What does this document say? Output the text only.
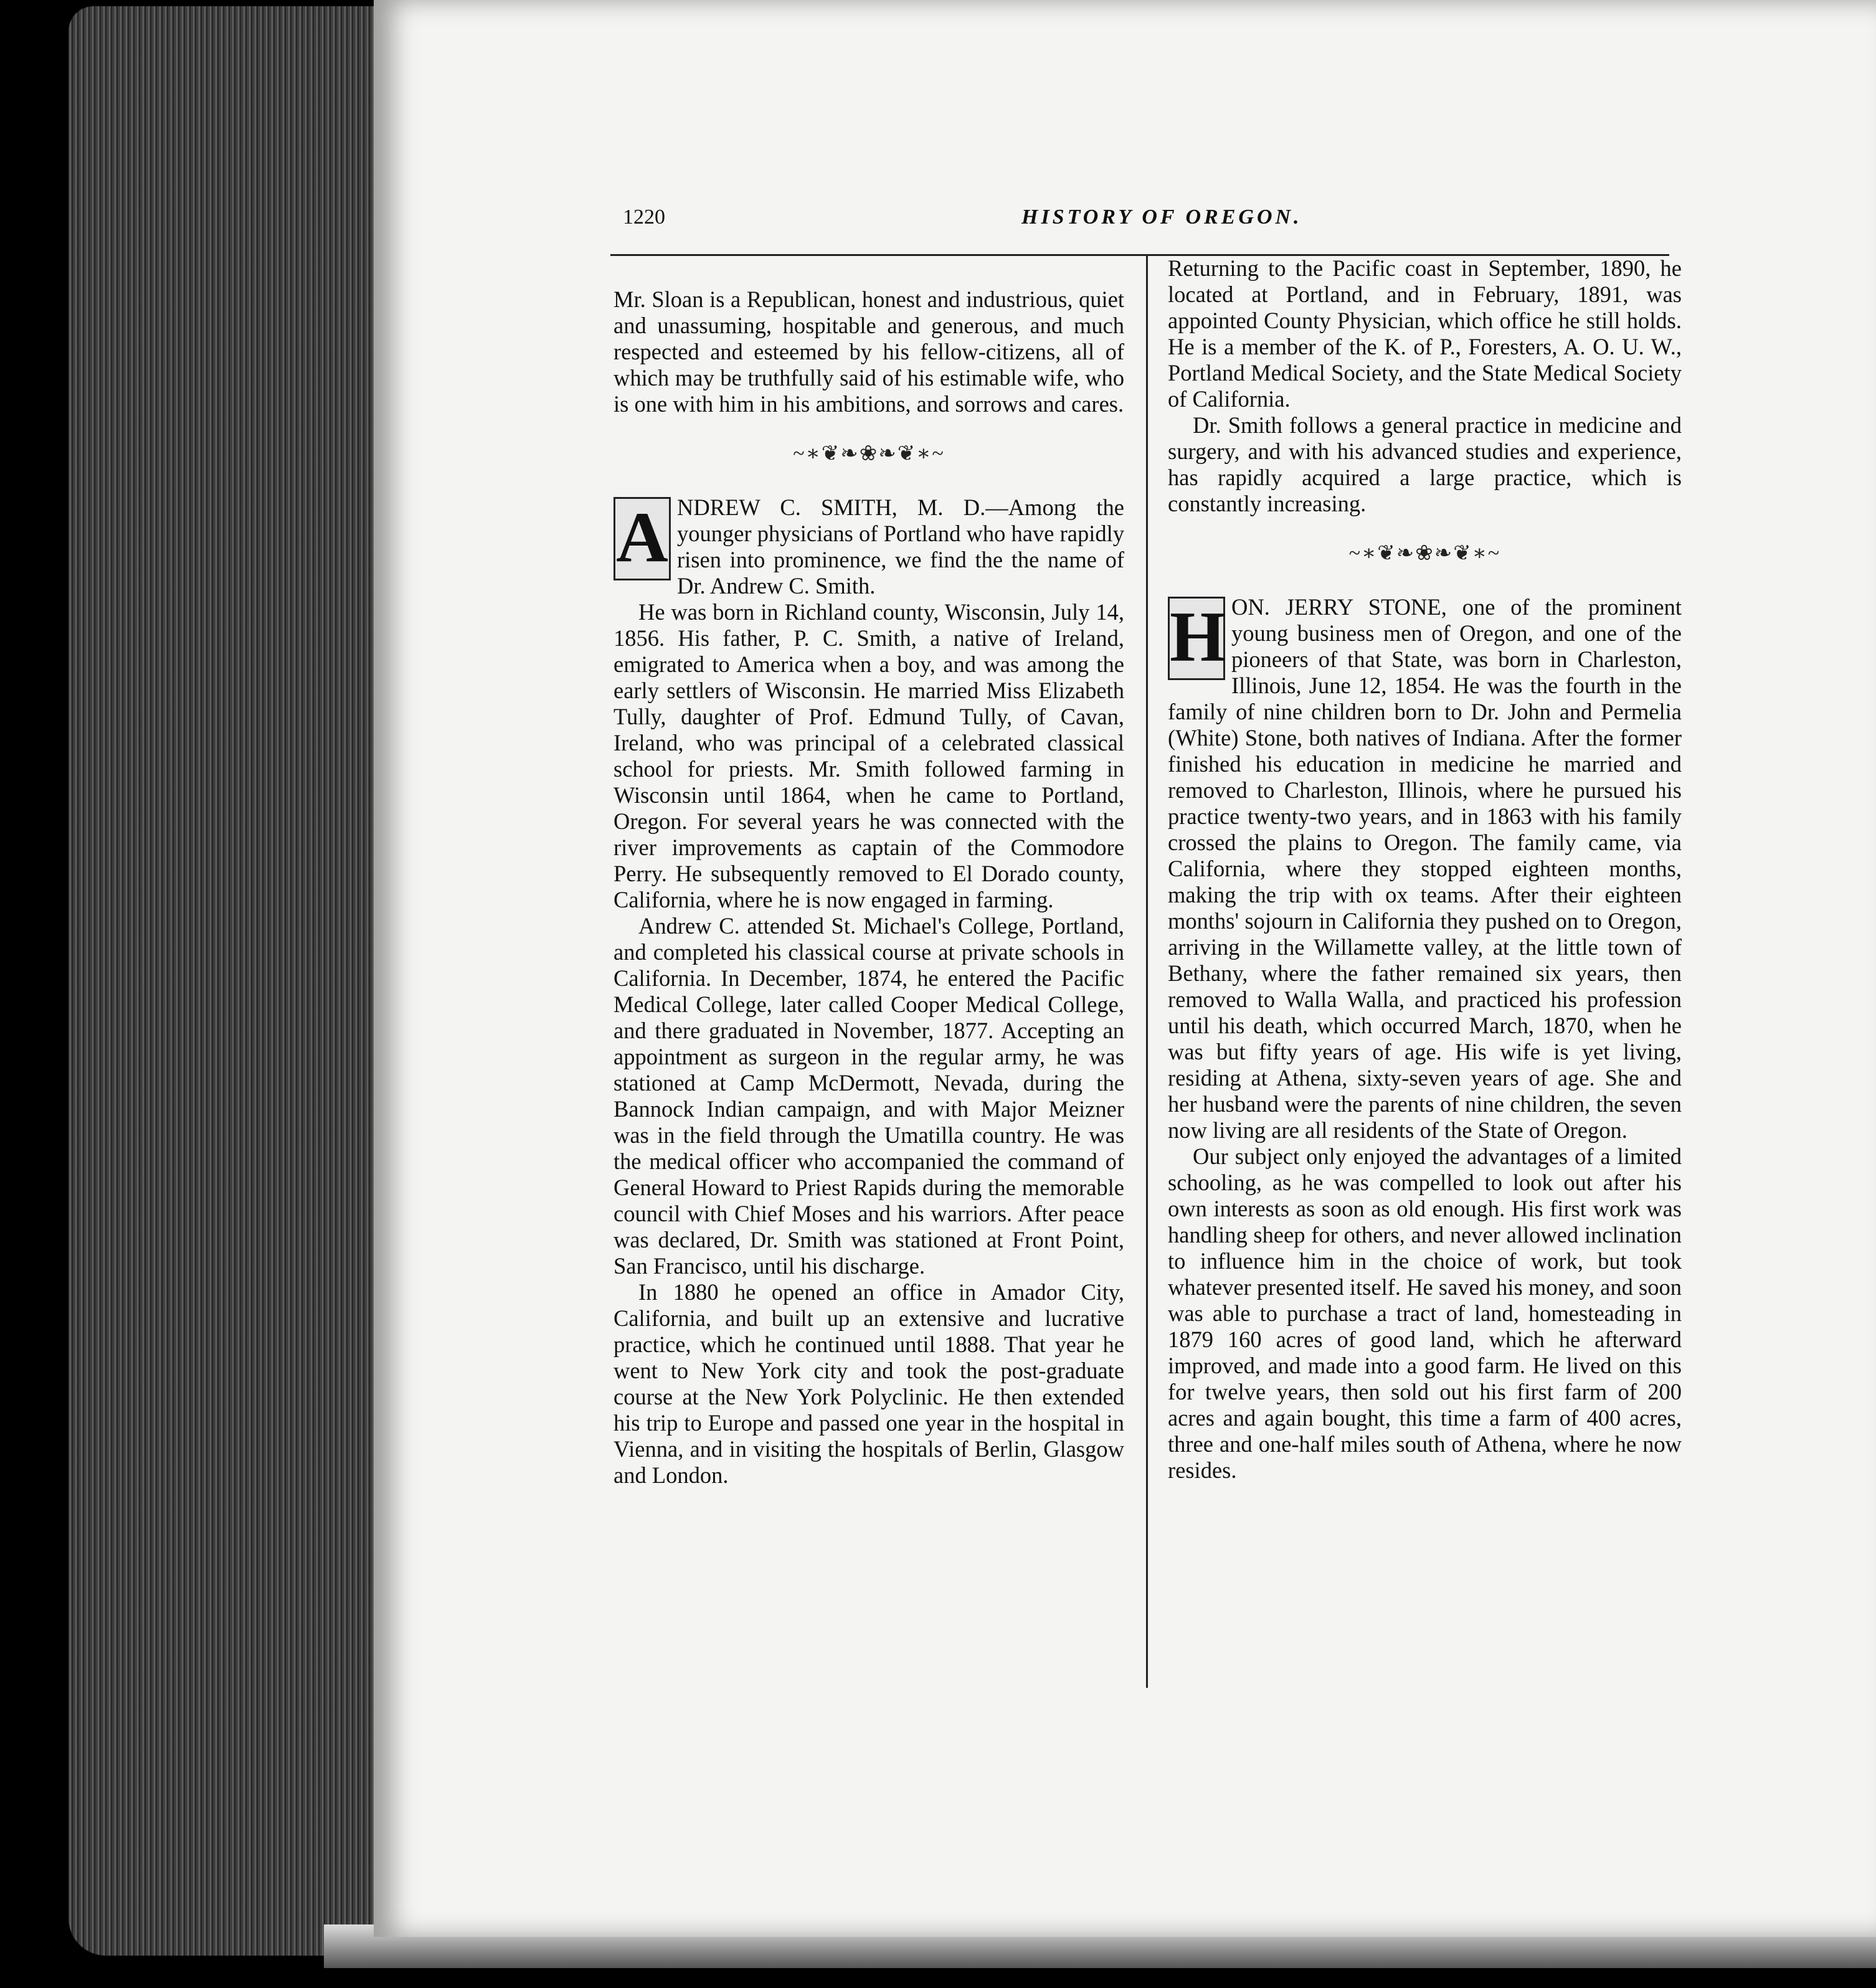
1220	HISTORY OF OREGON.

Mr. Sloan is a Republican, honest and industrious, quiet and unassuming, hospitable and generous, and much respected and esteemed by his fellow-citizens, all of which may be truthfully said of his estimable wife, who is one with him in his ambitions, and sorrows and cares.

~∗❦❧❀❧❦∗~

A NDREW C. SMITH, M. D.—Among the younger physicians of Portland who have rapidly risen into prominence, we find the the name of Dr. Andrew C. Smith.

He was born in Richland county, Wisconsin, July 14, 1856. His father, P. C. Smith, a native of Ireland, emigrated to America when a boy, and was among the early settlers of Wisconsin. He married Miss Elizabeth Tully, daughter of Prof. Edmund Tully, of Cavan, Ireland, who was principal of a celebrated classical school for priests. Mr. Smith followed farming in Wisconsin until 1864, when he came to Portland, Oregon. For several years he was connected with the river improvements as captain of the Commodore Perry. He subsequently removed to El Dorado county, California, where he is now engaged in farming.

Andrew C. attended St. Michael's College, Portland, and completed his classical course at private schools in California. In December, 1874, he entered the Pacific Medical College, later called Cooper Medical College, and there graduated in November, 1877. Accepting an appointment as surgeon in the regular army, he was stationed at Camp McDermott, Nevada, during the Bannock Indian campaign, and with Major Meizner was in the field through the Umatilla country. He was the medical officer who accompanied the command of General Howard to Priest Rapids during the memorable council with Chief Moses and his warriors. After peace was declared, Dr. Smith was stationed at Front Point, San Francisco, until his discharge.

In 1880 he opened an office in Amador City, California, and built up an extensive and lucrative practice, which he continued until 1888. That year he went to New York city and took the post-graduate course at the New York Polyclinic. He then extended his trip to Europe and passed one year in the hospital in Vienna, and in visiting the hospitals of Berlin, Glasgow and London.

Returning to the Pacific coast in September, 1890, he located at Portland, and in February, 1891, was appointed County Physician, which office he still holds. He is a member of the K. of P., Foresters, A. O. U. W., Portland Medical Society, and the State Medical Society of California.

Dr. Smith follows a general practice in medicine and surgery, and with his advanced studies and experience, has rapidly acquired a large practice, which is constantly increasing.

~∗❦❧❀❧❦∗~

H ON. JERRY STONE, one of the prominent young business men of Oregon, and one of the pioneers of that State, was born in Charleston, Illinois, June 12, 1854. He was the fourth in the family of nine children born to Dr. John and Permelia (White) Stone, both natives of Indiana. After the former finished his education in medicine he married and removed to Charleston, Illinois, where he pursued his practice twenty-two years, and in 1863 with his family crossed the plains to Oregon. The family came, via California, where they stopped eighteen months, making the trip with ox teams. After their eighteen months' sojourn in California they pushed on to Oregon, arriving in the Willamette valley, at the little town of Bethany, where the father remained six years, then removed to Walla Walla, and practiced his profession until his death, which occurred March, 1870, when he was but fifty years of age. His wife is yet living, residing at Athena, sixty-seven years of age. She and her husband were the parents of nine children, the seven now living are all residents of the State of Oregon.

Our subject only enjoyed the advantages of a limited schooling, as he was compelled to look out after his own interests as soon as old enough. His first work was handling sheep for others, and never allowed inclination to influence him in the choice of work, but took whatever presented itself. He saved his money, and soon was able to purchase a tract of land, homesteading in 1879 160 acres of good land, which he afterward improved, and made into a good farm. He lived on this for twelve years, then sold out his first farm of 200 acres and again bought, this time a farm of 400 acres, three and one-half miles south of Athena, where he now resides.
